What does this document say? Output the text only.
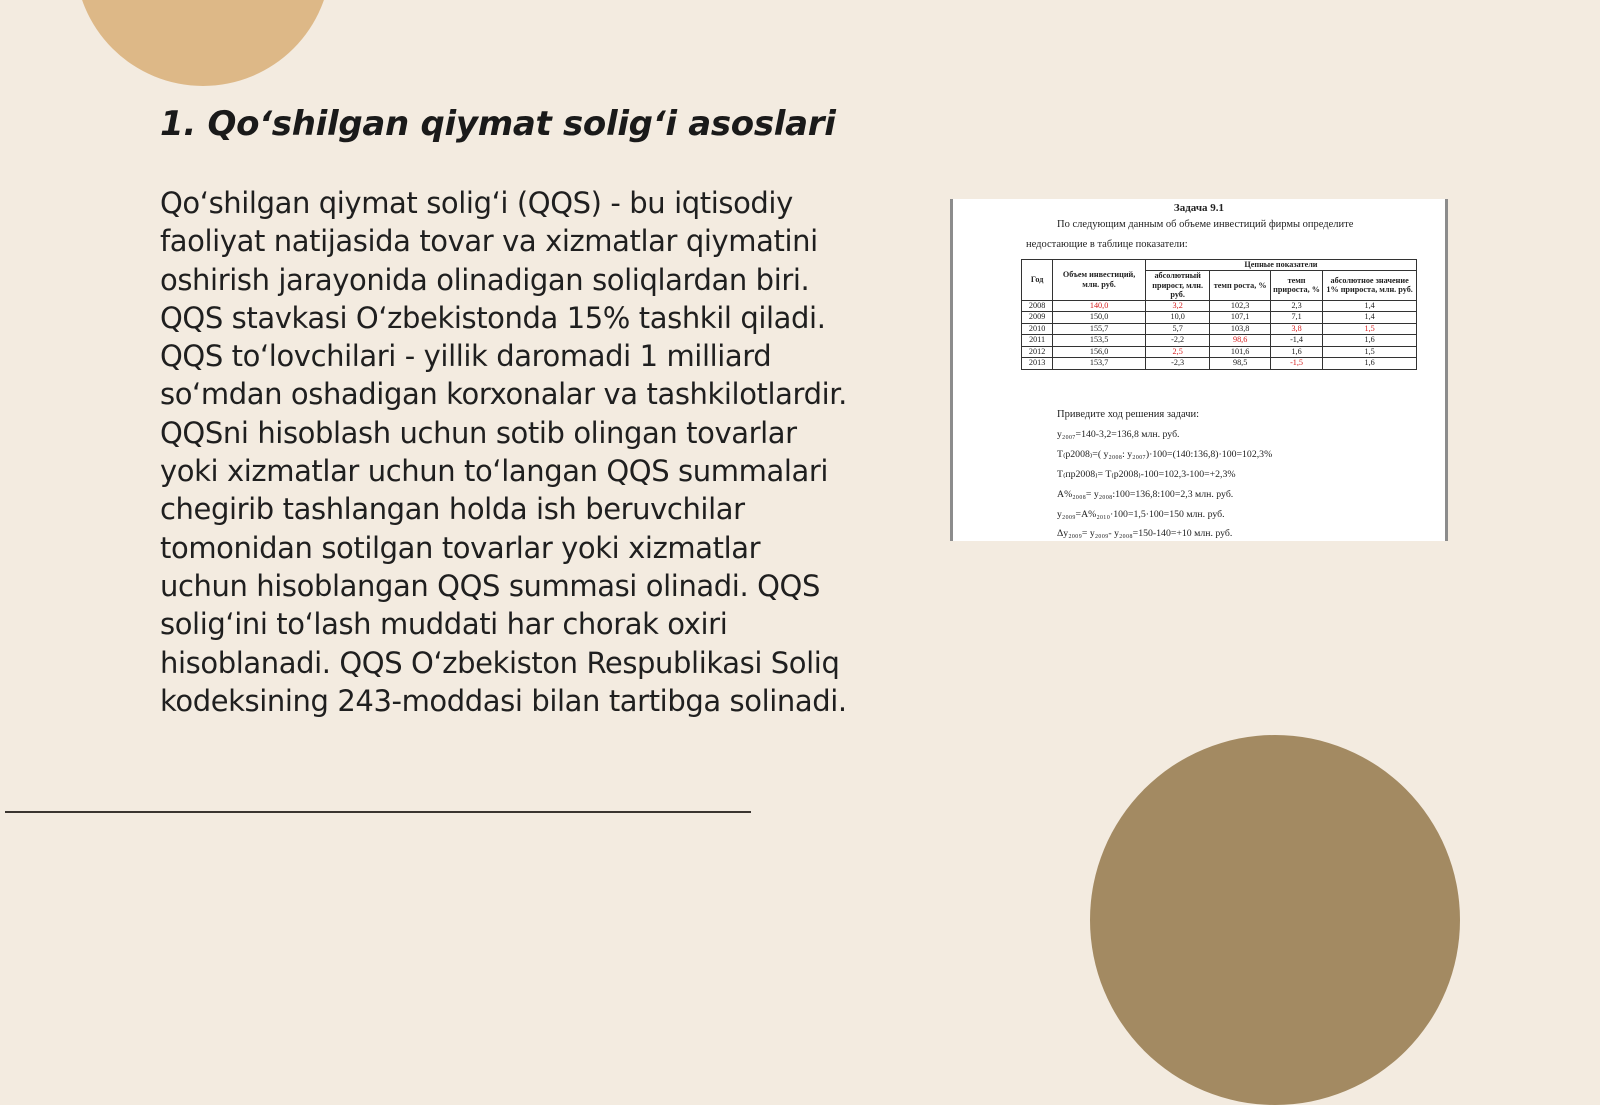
1. Qo‘shilgan qiymat solig‘i asoslari

Qo‘shilgan qiymat solig‘i (QQS) - bu iqtisodiy faoliyat natijasida tovar va xizmatlar qiymatini oshirish jarayonida olinadigan soliqlardan biri. QQS stavkasi O‘zbekistonda 15% tashkil qiladi. QQS to‘lovchilari - yillik daromadi 1 milliard so‘mdan oshadigan korxonalar va tashkilotlardir. QQSni hisoblash uchun sotib olingan tovarlar yoki xizmatlar uchun to‘langan QQS summalari chegirib tashlangan holda ish beruvchilar tomonidan sotilgan tovarlar yoki xizmatlar uchun hisoblangan QQS summasi olinadi. QQS solig‘ini to‘lash muddati har chorak oxiri hisoblanadi. QQS O‘zbekiston Respublikasi Soliq kodeksining 243-moddasi bilan tartibga solinadi.

Задача 9.1
По следующим данным об объеме инвестиций фирмы определите
недостающие в таблице показатели:
Год	Объем инвестиций, млн. руб.	Цепные показатели			
		абсолютный прирост, млн. руб.	темп роста, %	темп прироста, %	абсолютное значение 1% прироста, млн. руб.
2008	140,0	3,2	102,3	2,3	1,4
2009	150,0	10,0	107,1	7,1	1,4
2010	155,7	5,7	103,8	3,8	1,5
2011	153,5	-2,2	98,6	-1,4	1,6
2012	156,0	2,5	101,6	1,6	1,5
2013	153,7	-2,3	98,5	-1,5	1,6
Приведите ход решения задачи:
y₂₀₀₇=140-3,2=136,8 млн. руб.
T₍р2008₎=( y₂₀₀₈: y₂₀₀₇)·100=(140:136,8)·100=102,3%
T₍пр2008₎= T₍р2008₎-100=102,3-100=+2,3%
A%₂₀₀₈= y₂₀₀₈:100=136,8:100=2,3 млн. руб.
y₂₀₀₉=A%₂₀₁₀·100=1,5·100=150 млн. руб.
Δy₂₀₀₉= y₂₀₀₉- y₂₀₀₈=150-140=+10 млн. руб.
